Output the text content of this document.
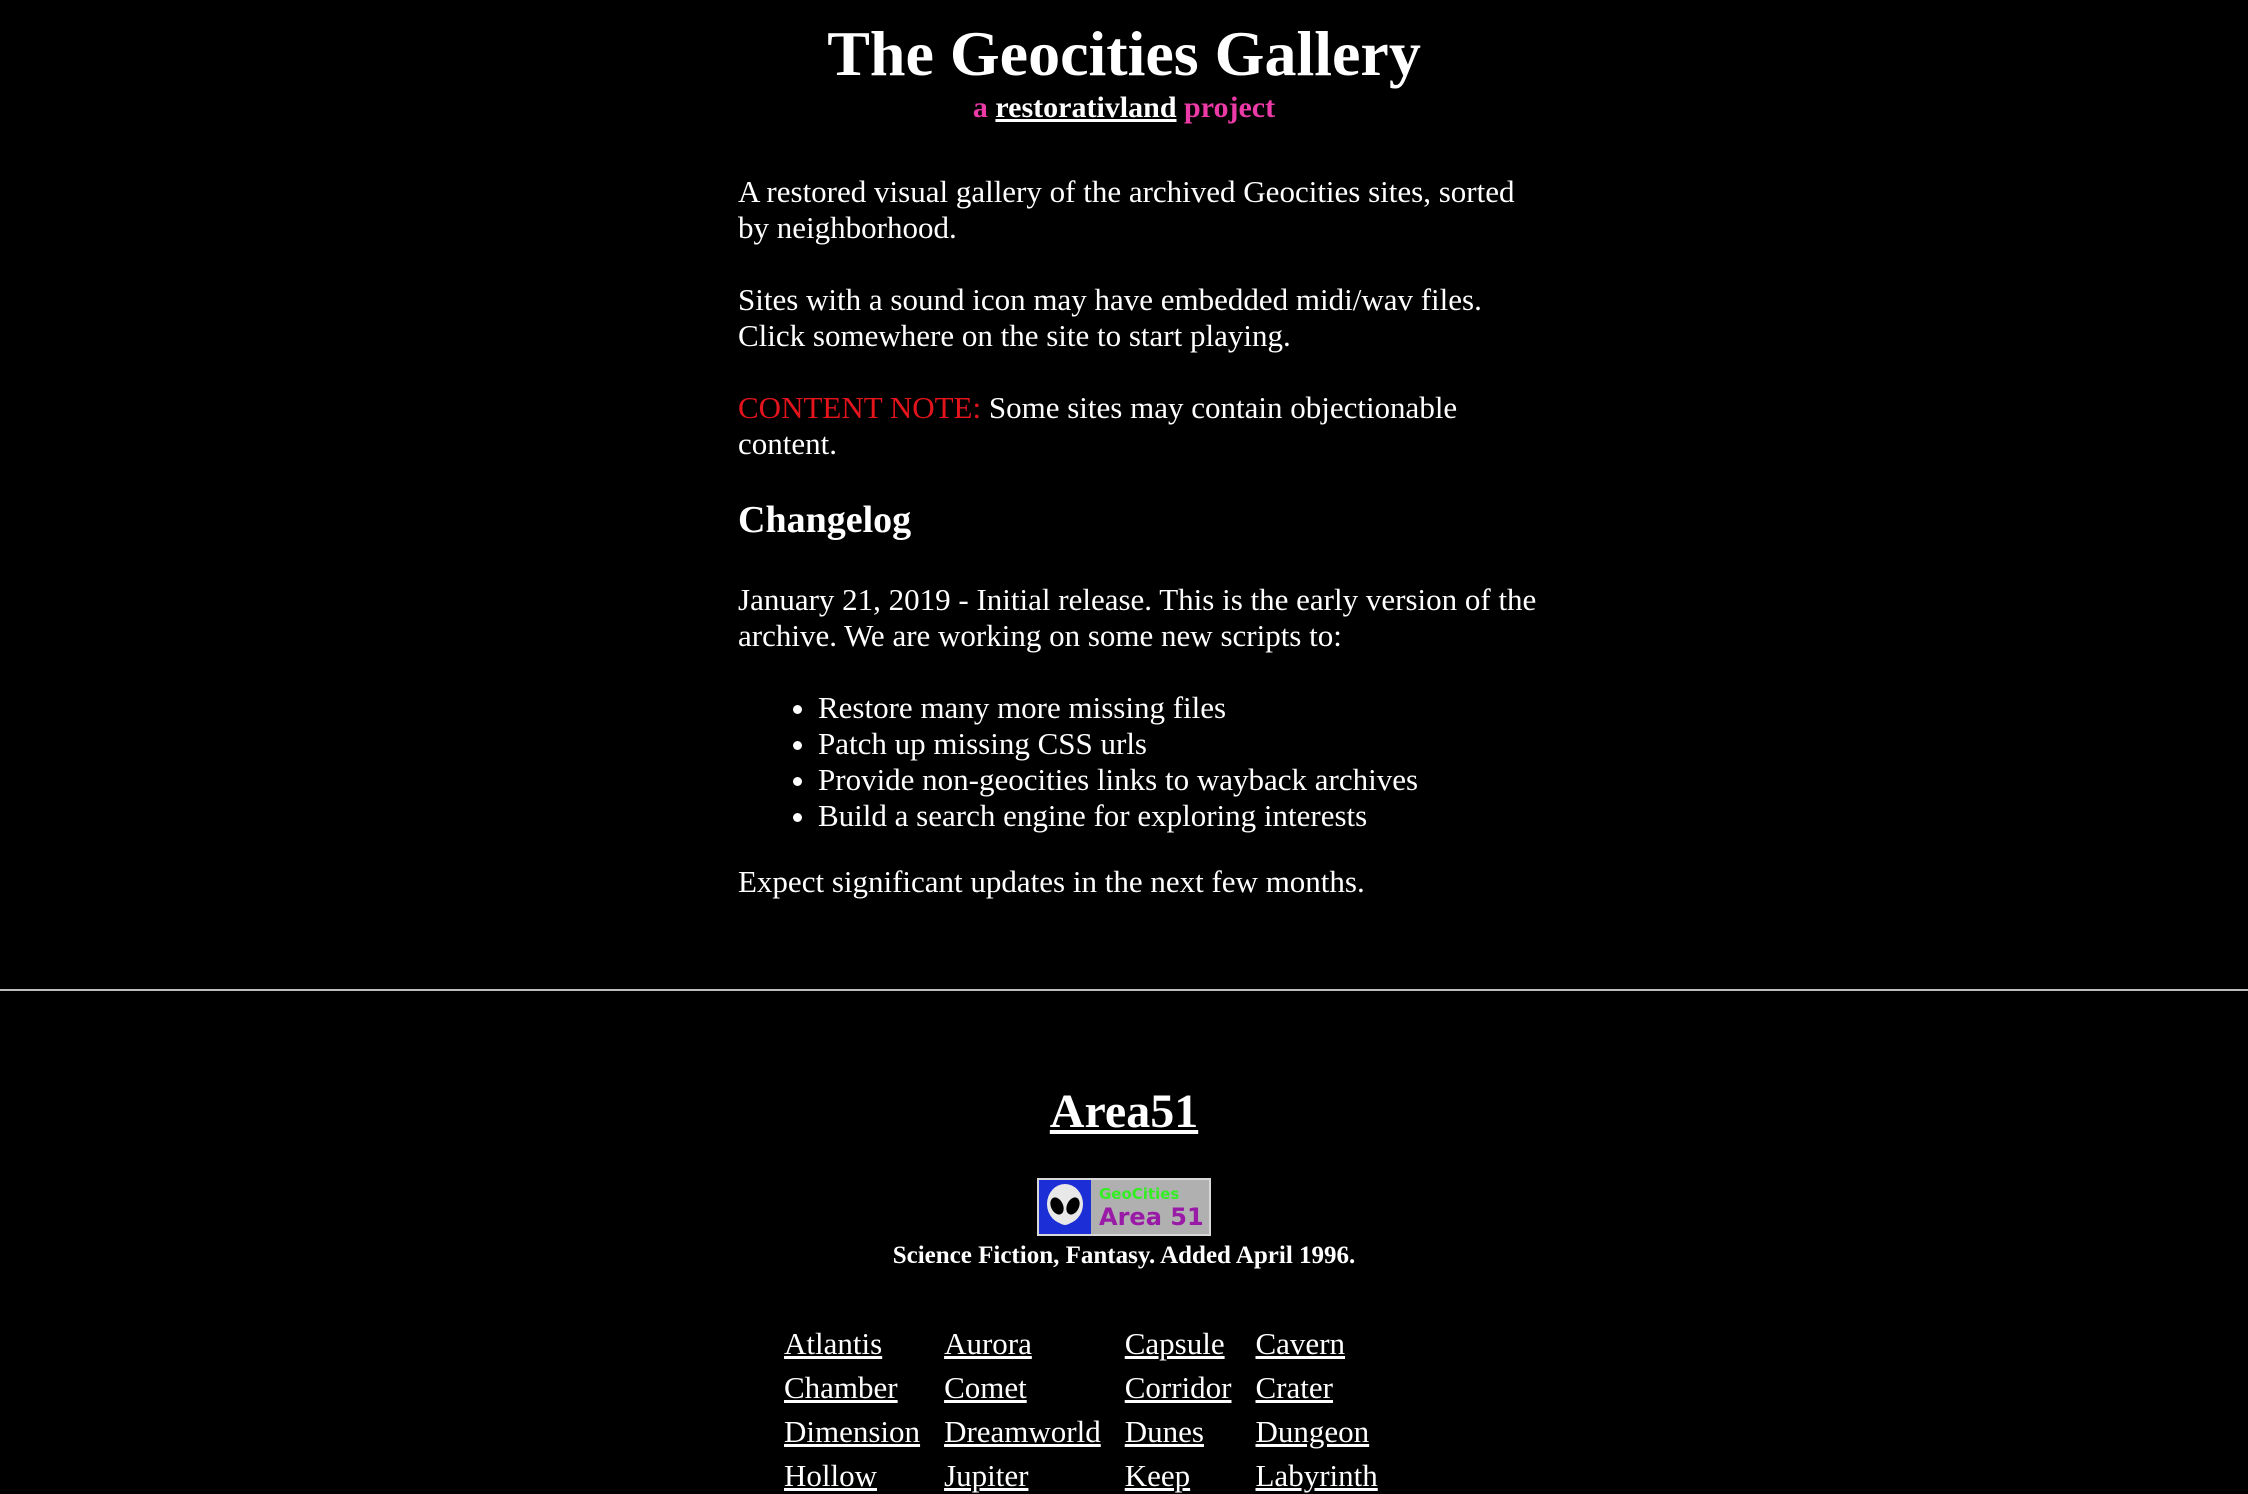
The Geocities Gallery
a restorativland project

A restored visual gallery of the archived Geocities sites, sorted by neighborhood.

Sites with a sound icon may have embedded midi/wav files. Click somewhere on the site to start playing.

CONTENT NOTE: Some sites may contain objectionable content.

Changelog

January 21, 2019 - Initial release. This is the early version of the archive. We are working on some new scripts to:

• Restore many more missing files
• Patch up missing CSS urls
• Provide non-geocities links to wayback archives
• Build a search engine for exploring interests

Expect significant updates in the next few months.

Area51
GeoCities
Area 51
Science Fiction, Fantasy. Added April 1996.
Atlantis	Aurora	Capsule	Cavern
Chamber	Comet	Corridor	Crater
Dimension	Dreamworld	Dunes	Dungeon
Hollow	Jupiter	Keep	Labyrinth
